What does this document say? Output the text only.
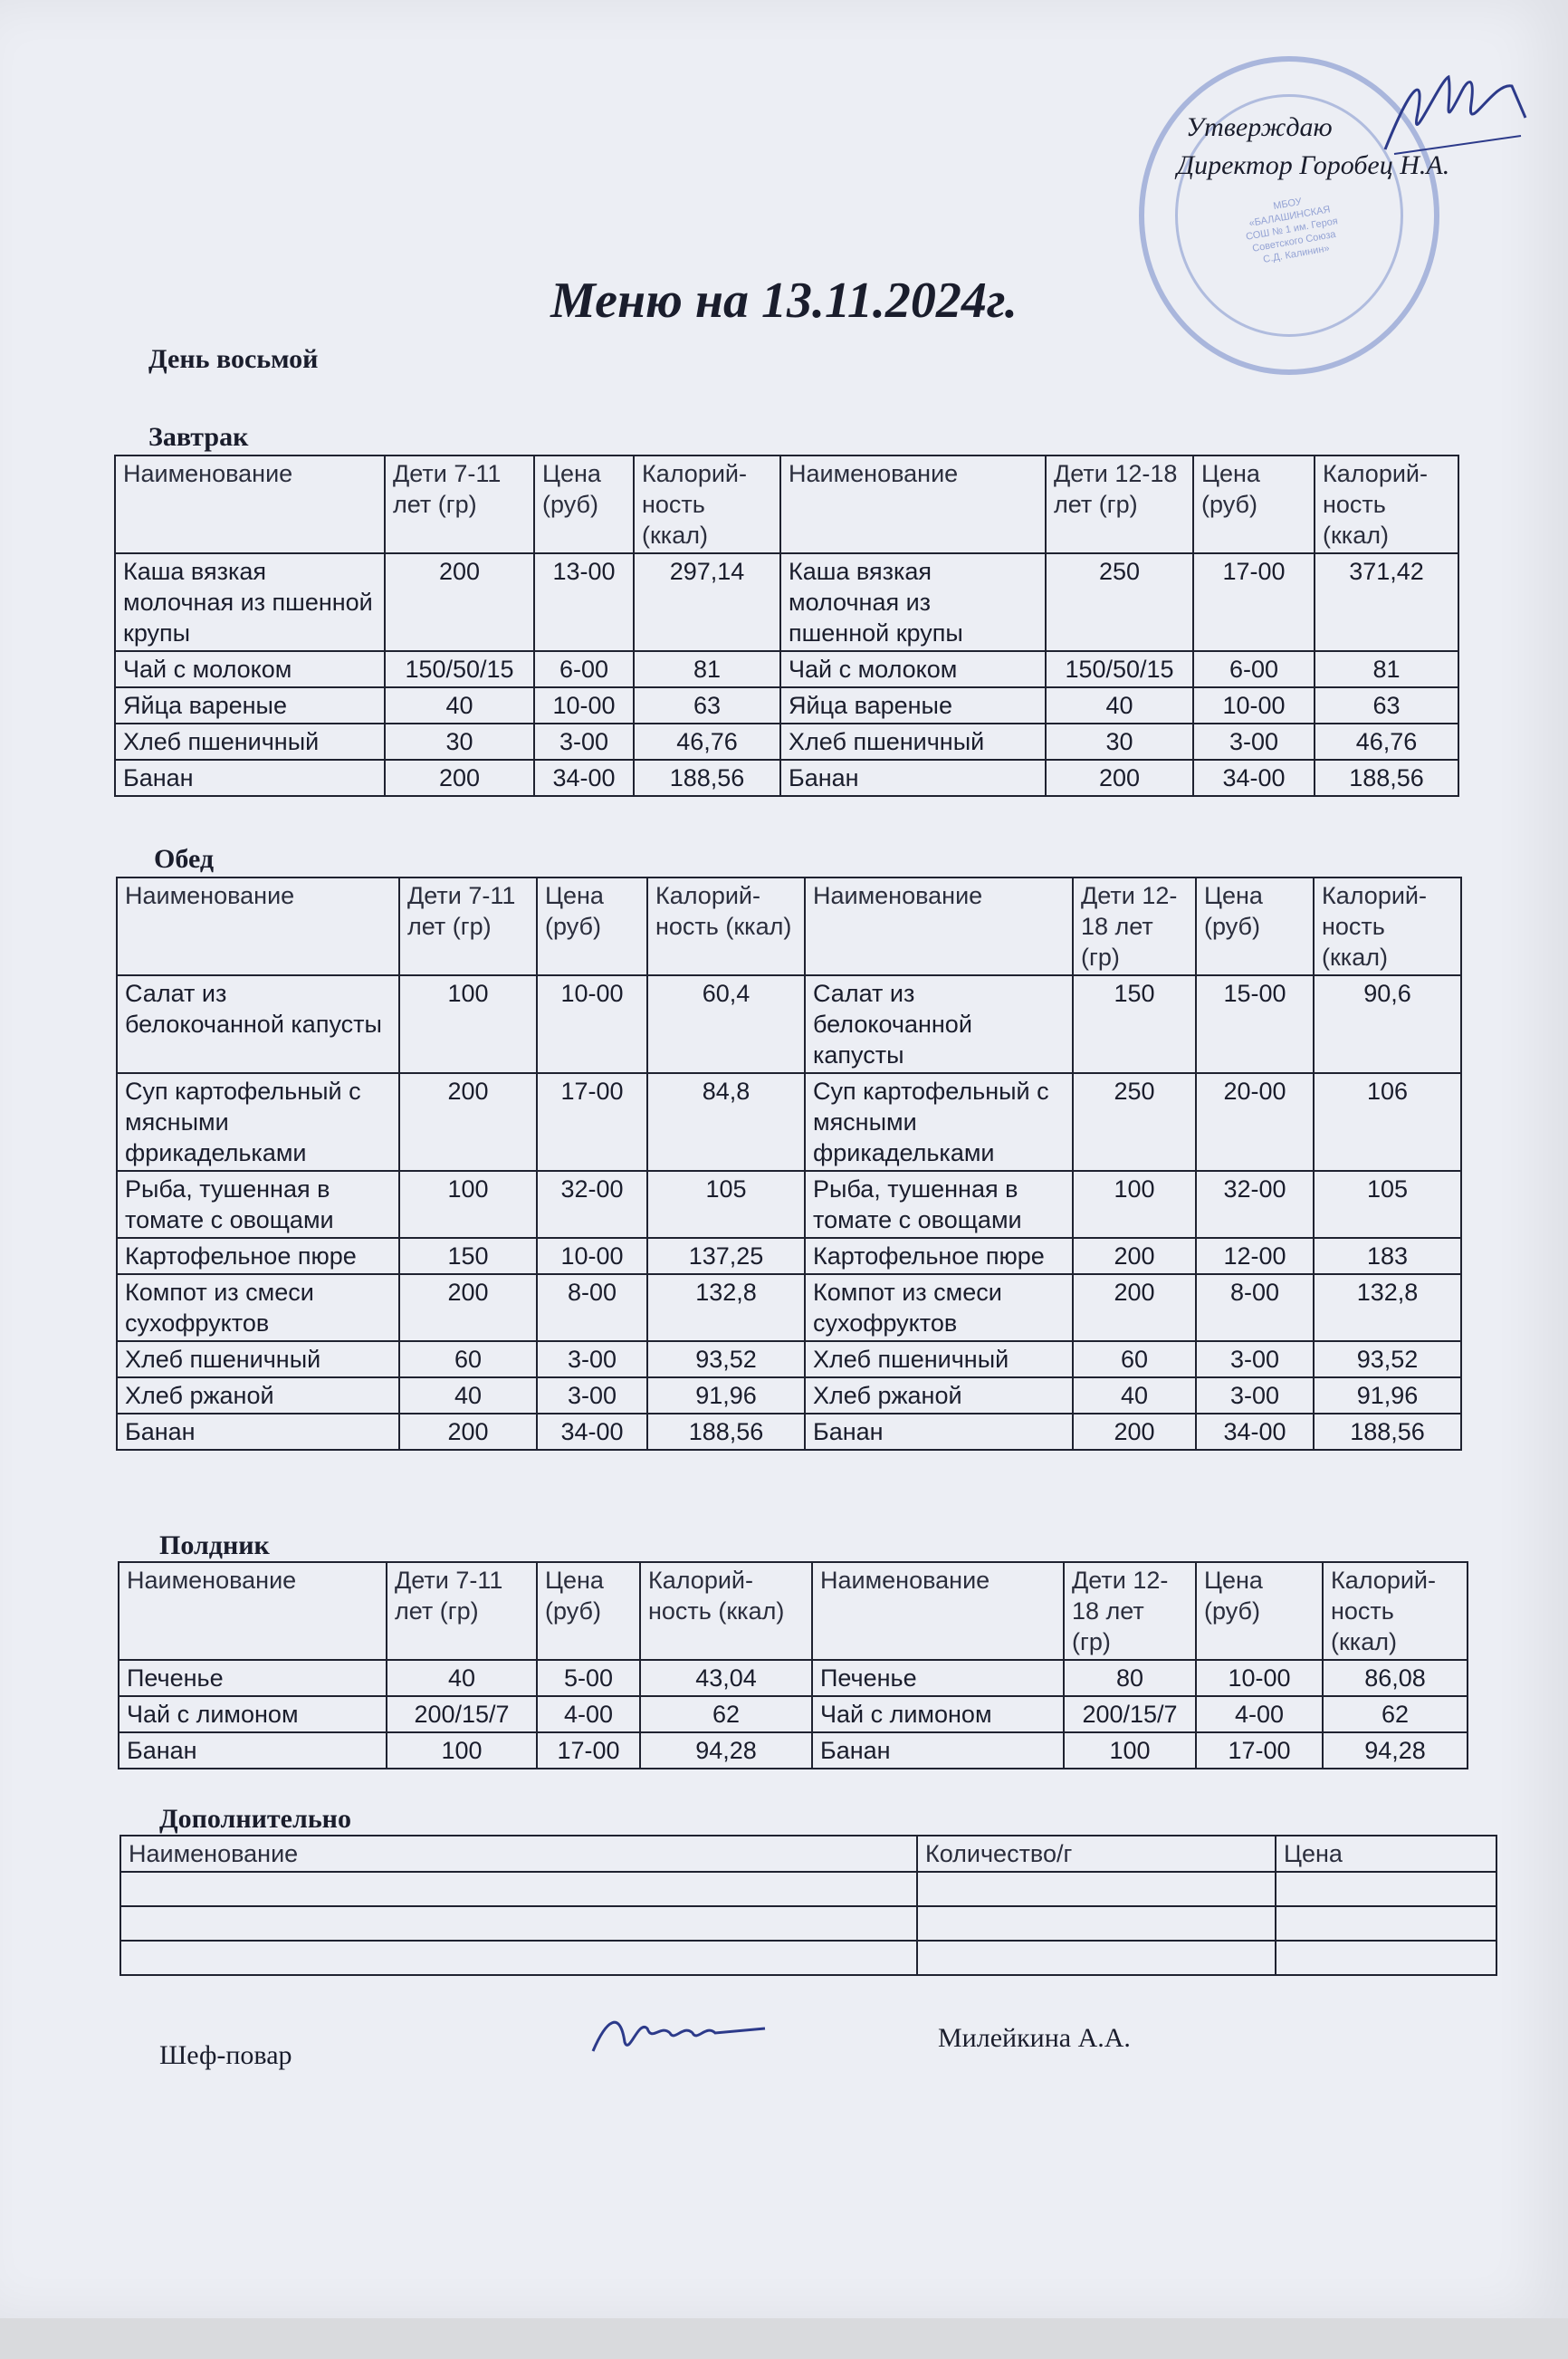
МБОУ «БАЛАШИНСКАЯ СОШ № 1 им. Героя Советского Союза С.Д. Калинин»
Утверждаю
Директор Горобец Н.А.
Меню на 13.11.2024г.
День восьмой
Завтрак
Наименование	Дети 7-11 лет (гр)	Цена (руб)	Калорий-ность (ккал)	Наименование	Дети 12-18 лет (гр)	Цена (руб)	Калорий-ность (ккал)
Каша вязкая молочная из пшенной крупы	200	13-00	297,14	Каша вязкая молочная из пшенной крупы	250	17-00	371,42
Чай с молоком	150/50/15	6-00	81	Чай с молоком	150/50/15	6-00	81
Яйца вареные	40	10-00	63	Яйца вареные	40	10-00	63
Хлеб пшеничный	30	3-00	46,76	Хлеб пшеничный	30	3-00	46,76
Банан	200	34-00	188,56	Банан	200	34-00	188,56
Обед
Наименование	Дети 7-11 лет (гр)	Цена (руб)	Калорий-ность (ккал)	Наименование	Дети 12-18 лет (гр)	Цена (руб)	Калорий-ность (ккал)
Салат из белокочанной капусты	100	10-00	60,4	Салат из белокочанной капусты	150	15-00	90,6
Суп картофельный с мясными фрикадельками	200	17-00	84,8	Суп картофельный с мясными фрикадельками	250	20-00	106
Рыба, тушенная в томате с овощами	100	32-00	105	Рыба, тушенная в томате с овощами	100	32-00	105
Картофельное пюре	150	10-00	137,25	Картофельное пюре	200	12-00	183
Компот из смеси сухофруктов	200	8-00	132,8	Компот из смеси сухофруктов	200	8-00	132,8
Хлеб пшеничный	60	3-00	93,52	Хлеб пшеничный	60	3-00	93,52
Хлеб ржаной	40	3-00	91,96	Хлеб ржаной	40	3-00	91,96
Банан	200	34-00	188,56	Банан	200	34-00	188,56
Полдник
Наименование	Дети 7-11 лет (гр)	Цена (руб)	Калорий-ность (ккал)	Наименование	Дети 12-18 лет (гр)	Цена (руб)	Калорий-ность (ккал)
Печенье	40	5-00	43,04	Печенье	80	10-00	86,08
Чай с лимоном	200/15/7	4-00	62	Чай с лимоном	200/15/7	4-00	62
Банан	100	17-00	94,28	Банан	100	17-00	94,28
Дополнительно
Наименование	Количество/г	Цена

Шеф-повар
Милейкина А.А.
